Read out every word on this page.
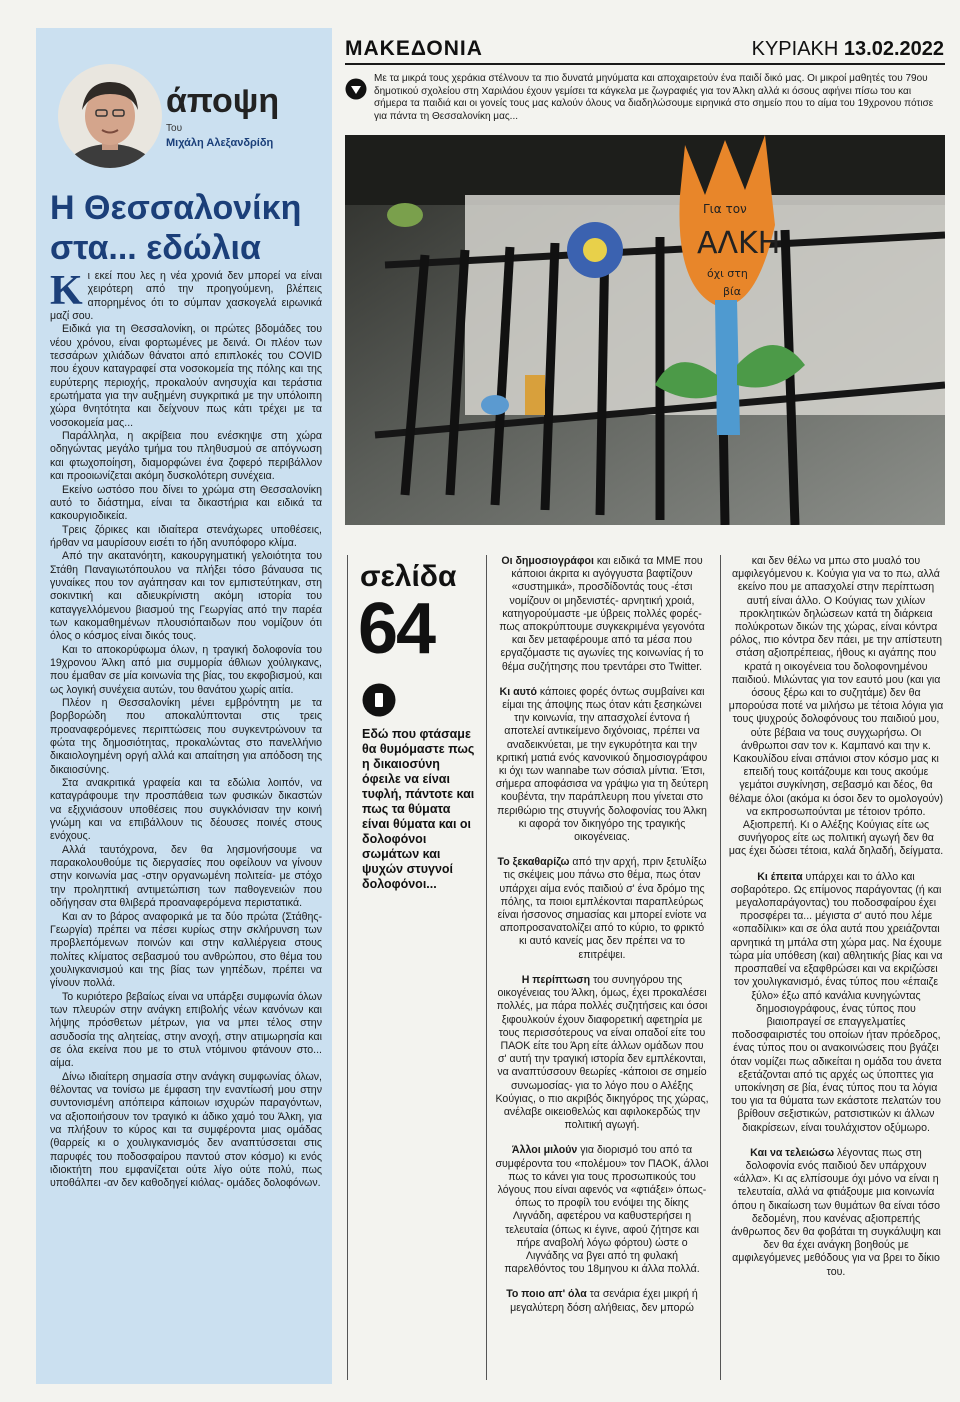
άποψη
Του
Μιχάλη Αλεξανδρίδη
Η Θεσσαλονίκη
στα... εδώλια

Κι εκεί που λες η νέα χρονιά δεν μπορεί να είναι χειρότερη από την προηγούμενη, βλέπεις απορημένος ότι το σύμπαν χασκογελά ειρωνικά μαζί σου.

Ειδικά για τη Θεσσαλονίκη, οι πρώτες βδομάδες του νέου χρόνου, είναι φορτωμένες με δεινά. Οι πλέον των τεσσάρων χιλιάδων θάνατοι από επιπλοκές του COVID που έχουν καταγραφεί στα νοσοκομεία της πόλης και της ευρύτερης περιοχής, προκαλούν ανησυχία και τεράστια ερωτήματα για την αυξημένη συγκριτικά με την υπόλοιπη χώρα θνητότητα και δείχνουν πως κάτι τρέχει με τα νοσοκομεία μας...

Παράλληλα, η ακρίβεια που ενέσκηψε στη χώρα οδηγώντας μεγάλο τμήμα του πληθυσμού σε απόγνωση και φτωχοποίηση, διαμορφώνει ένα ζοφερό περιβάλλον και προοιωνίζεται ακόμη δυσκολότερη συνέχεια.

Εκείνο ωστόσο που δίνει το χρώμα στη Θεσσαλονίκη αυτό το διάστημα, είναι τα δικαστήρια και ειδικά τα κακουργιοδικεία.

Τρεις ζόρικες και ιδιαίτερα στενάχωρες υποθέσεις, ήρθαν να μαυρίσουν εισέτι το ήδη ανυπόφορο κλίμα.

Από την ακατανόητη, κακουργηματική γελοιότητα του Στάθη Παναγιωτόπουλου να πλήξει τόσο βάναυσα τις γυναίκες που τον αγάπησαν και τον εμπιστεύτηκαν, στη σοκιντική και αδιευκρίνιστη ακόμη ιστορία του καταγγελλόμενου βιασμού της Γεωργίας από την παρέα των κακομαθημένων πλουσιόπαιδων που νομίζουν ότι όλος ο κόσμος είναι δικός τους.

Και το αποκορύφωμα όλων, η τραγική δολοφονία του 19χρονου Άλκη από μια συμμορία άθλιων χούλιγκανς, που έμαθαν σε μία κοινωνία της βίας, του εκφοβισμού, και ως λογική συνέχεια αυτών, του θανάτου χωρίς αιτία.

Πλέον η Θεσσαλονίκη μένει εμβρόντητη με τα βορβορώδη που αποκαλύπτονται στις τρεις προαναφερόμενες περιπτώσεις που συγκεντρώνουν τα φώτα της δημοσιότητας, προκαλώντας στο πανελλήνιο δικαιολογημένη οργή αλλά και απαίτηση για απόδοση της δικαιοσύνης.

Στα ανακριτικά γραφεία και τα εδώλια λοιπόν, να καταγράφουμε την προσπάθεια των φυσικών δικαστών να εξιχνιάσουν υποθέσεις που συγκλόνισαν την κοινή γνώμη και να επιβάλλουν τις δέουσες ποινές στους ενόχους.

Αλλά ταυτόχρονα, δεν θα λησμονήσουμε να παρακολουθούμε τις διεργασίες που οφείλουν να γίνουν στην κοινωνία μας -στην οργανωμένη πολιτεία- με στόχο την προληπτική αντιμετώπιση των παθογενειών που οδήγησαν στα θλιβερά προαναφερόμενα περιστατικά.

Και αν το βάρος αναφορικά με τα δύο πρώτα (Στάθης-Γεωργία) πρέπει να πέσει κυρίως στην σκλήρυνση των προβλεπόμενων ποινών και στην καλλιέργεια στους πολίτες κλίματος σεβασμού του ανθρώπου, στο θέμα του χουλιγκανισμού και της βίας των γηπέδων, πρέπει να γίνουν πολλά.

Το κυριότερο βεβαίως είναι να υπάρξει συμφωνία όλων των πλευρών στην ανάγκη επιβολής νέων κανόνων και λήψης πρόσθετων μέτρων, για να μπει τέλος στην ασυδοσία της αλητείας, στην ανοχή, στην ατιμωρησία και σε όλα εκείνα που με το στυλ ντόμινου φτάνουν στο... αίμα.

Δίνω ιδιαίτερη σημασία στην ανάγκη συμφωνίας όλων, θέλοντας να τονίσω με έμφαση την εναντίωσή μου στην συντονισμένη απόπειρα κάποιων ισχυρών παραγόντων, να αξιοποιήσουν τον τραγικό κι άδικο χαμό του Άλκη, για να πλήξουν το κύρος και τα συμφέροντα μιας ομάδας (θαρρείς κι ο χουλιγκανισμός δεν αναπτύσσεται στις παρυφές του ποδοσφαίρου παντού στον κόσμο) κι ενός ιδιοκτήτη που εμφανίζεται ούτε λίγο ούτε πολύ, πως υποθάλπει -αν δεν καθοδηγεί κιόλας- ομάδες δολοφόνων.

ΜΑΚΕΔΟΝΙΑ	ΚΥΡΙΑΚΗ 13.02.2022
Με τα μικρά τους χεράκια στέλνουν τα πιο δυνατά μηνύματα και αποχαιρετούν ένα παιδί δικό μας. Οι μικροί μαθητές του 79ου δημοτικού σχολείου στη Χαριλάου έχουν γεμίσει τα κάγκελα με ζωγραφιές για τον Άλκη αλλά κι όσους αφήνει πίσω του και σήμερα τα παιδιά και οι γονείς τους μας καλούν όλους να διαδηλώσουμε ειρηνικά στο σημείο που το αίμα του 19χρονου πότισε για πάντα τη Θεσσαλονίκη μας...
Για τον
ΑΛΚΗ
όχι στη
βία
σελίδα
64
Εδώ που φτάσαμε θα θυμόμαστε πως η δικαιοσύνη όφειλε να είναι τυφλή, πάντοτε και πως τα θύματα είναι θύματα και οι δολοφόνοι σωμάτων και ψυχών στυγνοί δολοφόνοι...

Οι δημοσιογράφοι και ειδικά τα ΜΜΕ που κάποιοι άκριτα κι αγόγγυστα βαφτίζουν «συστημικά», προσδίδοντάς τους -έτσι νομίζουν οι μηδενιστές- αρνητική χροιά, κατηγορούμαστε -με ύβρεις πολλές φορές- πως αποκρύπτουμε συγκεκριμένα γεγονότα και δεν μεταφέρουμε από τα μέσα που εργαζόμαστε τις αγωνίες της κοινωνίας ή το θέμα συζήτησης που τρεντάρει στο Twitter.

Κι αυτό κάποιες φορές όντως συμβαίνει και είμαι της άποψης πως όταν κάτι ξεσηκώνει την κοινωνία, την απασχολεί έντονα ή αποτελεί αντικείμενο διχόνοιας, πρέπει να αναδεικνύεται, με την εγκυρότητα και την κριτική ματιά ενός κανονικού δημοσιογράφου κι όχι των wannabe των σόσιαλ μίντια. Έτσι, σήμερα αποφάσισα να γράψω για τη δεύτερη κουβέντα, την παράπλευρη που γίνεται στο περιθώριο της στυγνής δολοφονίας του Άλκη κι αφορά τον δικηγόρο της τραγικής οικογένειας.

Το ξεκαθαρίζω από την αρχή, πριν ξετυλίξω τις σκέψεις μου πάνω στο θέμα, πως όταν υπάρχει αίμα ενός παιδιού σ' ένα δρόμο της πόλης, τα ποιοι εμπλέκονται παραπλεύρως είναι ήσσονος σημασίας και μπορεί ενίοτε να αποπροσανατολίζει από το κύριο, το φρικτό κι αυτό κανείς μας δεν πρέπει να το επιτρέψει.

Η περίπτωση του συνηγόρου της οικογένειας του Άλκη, όμως, έχει προκαλέσει πολλές, μα πάρα πολλές συζητήσεις και όσοι ξιφουλκούν έχουν διαφορετική αφετηρία με τους περισσότερους να είναι οπαδοί είτε του ΠΑΟΚ είτε του Άρη είτε άλλων ομάδων που σ' αυτή την τραγική ιστορία δεν εμπλέκονται, να αναπτύσσουν θεωρίες -κάποιοι σε σημείο συνωμοσίας- για το λόγο που ο Αλέξης Κούγιας, ο πιο ακριβός δικηγόρος της χώρας, ανέλαβε οικειοθελώς και αφιλοκερδώς την πολιτική αγωγή.

Άλλοι μιλούν για διορισμό του από τα συμφέροντα του «πολέμου» τον ΠΑΟΚ, άλλοι πως το κάνει για τους προσωπικούς του λόγους που είναι αφενός να «φτιάξει» όπως-όπως το προφίλ του ενόψει της δίκης Λιγνάδη, αφετέρου να καθυστερήσει η τελευταία (όπως κι έγινε, αφού ζήτησε και πήρε αναβολή λόγω φόρτου) ώστε ο Λιγνάδης να βγει από τη φυλακή παρελθόντος του 18μηνου κι άλλα πολλά.

Το ποιο απ' όλα τα σενάρια έχει μικρή ή μεγαλύτερη δόση αλήθειας, δεν μπορώ

και δεν θέλω να μπω στο μυαλό του αμφιλεγόμενου κ. Κούγια για να το πω, αλλά εκείνο που με απασχολεί στην περίπτωση αυτή είναι άλλο. Ο Κούγιας των χιλίων προκλητικών δηλώσεων κατά τη διάρκεια πολύκροτων δικών της χώρας, είναι κόντρα ρόλος, πιο κόντρα δεν πάει, με την απίστευτη στάση αξιοπρέπειας, ήθους κι αγάπης που κρατά η οικογένεια του δολοφονημένου παιδιού. Μιλώντας για τον εαυτό μου (και για όσους ξέρω και το συζητάμε) δεν θα μπορούσα ποτέ να μιλήσω με τέτοια λόγια για τους ψυχρούς δολοφόνους του παιδιού μου, ούτε βέβαια να τους συγχωρήσω. Οι άνθρωποι σαν τον κ. Καμπανό και την κ. Κακουλίδου είναι σπάνιοι στον κόσμο μας κι επειδή τους κοιτάζουμε και τους ακούμε γεμάτοι συγκίνηση, σεβασμό και δέος, θα θέλαμε όλοι (ακόμα κι όσοι δεν το ομολογούν) να εκπροσωπούνται με τέτοιον τρόπο. Αξιοπρεπή. Κι ο Αλέξης Κούγιας είτε ως συνήγορος είτε ως πολιτική αγωγή δεν θα μας έχει δώσει τέτοια, καλά δηλαδή, δείγματα.

Κι έπειτα υπάρχει και το άλλο και σοβαρότερο. Ως επίμονος παράγοντας (ή και μεγαλοπαράγοντας) του ποδοσφαίρου έχει προσφέρει τα... μέγιστα σ' αυτό που λέμε «οπαδίλικι» και σε όλα αυτά που χρειάζονται αρνητικά τη μπάλα στη χώρα μας. Να έχουμε τώρα μία υπόθεση (και) αθλητικής βίας και να προσπαθεί να εξαφθρώσει και να εκριζώσει τον χουλιγκανισμό, ένας τύπος που «έπαιζε ξύλο» έξω από κανάλια κυνηγώντας δημοσιογράφους, ένας τύπος που βιαιοπραγεί σε επαγγελματίες ποδοσφαιριστές του οποίων ήταν πρόεδρος, ένας τύπος που οι ανακοινώσεις που βγάζει όταν νομίζει πως αδικείται η ομάδα του άνετα εξετάζονται από τις αρχές ως ύποπτες για υποκίνηση σε βία, ένας τύπος που τα λόγια του για τα θύματα των εκάστοτε πελατών του βρίθουν σεξιστικών, ρατσιστικών κι άλλων διακρίσεων, είναι τουλάχιστον οξύμωρο.

Και να τελειώσω λέγοντας πως στη δολοφονία ενός παιδιού δεν υπάρχουν «άλλα». Κι ας ελπίσουμε όχι μόνο να είναι η τελευταία, αλλά να φτιάξουμε μια κοινωνία όπου η δικαίωση των θυμάτων θα είναι τόσο δεδομένη, που κανένας αξιοπρεπής άνθρωπος δεν θα φοβάται τη συγκάλυψη και δεν θα έχει ανάγκη βοηθούς με αμφιλεγόμενες μεθόδους για να βρει το δίκιο του.
